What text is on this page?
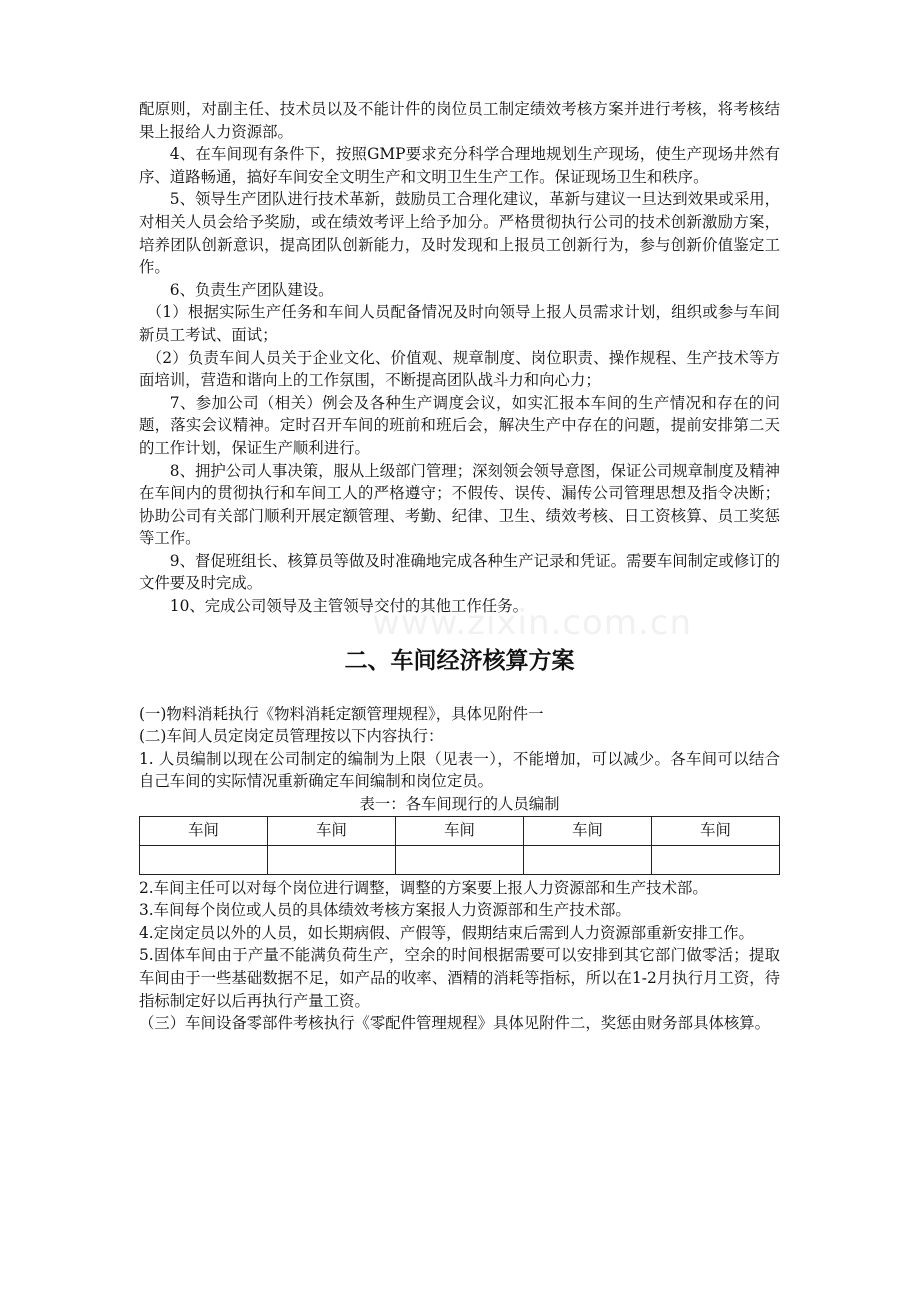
www.zixin.com.cn

配原则，对副主任、技术员以及不能计件的岗位员工制定绩效考核方案并进行考核，将考核结果上报给人力资源部。

4、在车间现有条件下，按照GMP要求充分科学合理地规划生产现场，使生产现场井然有序、道路畅通，搞好车间安全文明生产和文明卫生生产工作。保证现场卫生和秩序。

5、领导生产团队进行技术革新，鼓励员工合理化建议，革新与建议一旦达到效果或采用，对相关人员会给予奖励，或在绩效考评上给予加分。严格贯彻执行公司的技术创新激励方案，培养团队创新意识，提高团队创新能力，及时发现和上报员工创新行为，参与创新价值鉴定工作。

6、负责生产团队建设。

（1）根据实际生产任务和车间人员配备情况及时向领导上报人员需求计划，组织或参与车间新员工考试、面试；

（2）负责车间人员关于企业文化、价值观、规章制度、岗位职责、操作规程、生产技术等方面培训，营造和谐向上的工作氛围，不断提高团队战斗力和向心力；

7、参加公司（相关）例会及各种生产调度会议，如实汇报本车间的生产情况和存在的问题，落实会议精神。定时召开车间的班前和班后会，解决生产中存在的问题，提前安排第二天的工作计划，保证生产顺利进行。

8、拥护公司人事决策，服从上级部门管理；深刻领会领导意图，保证公司规章制度及精神在车间内的贯彻执行和车间工人的严格遵守；不假传、误传、漏传公司管理思想及指令决断；协助公司有关部门顺利开展定额管理、考勤、纪律、卫生、绩效考核、日工资核算、员工奖惩等工作。

9、督促班组长、核算员等做及时准确地完成各种生产记录和凭证。需要车间制定或修订的文件要及时完成。

10、完成公司领导及主管领导交付的其他工作任务。

二、车间经济核算方案

(一)物料消耗执行《物料消耗定额管理规程》，具体见附件一

(二)车间人员定岗定员管理按以下内容执行：

1. 人员编制以现在公司制定的编制为上限（见表一），不能增加，可以减少。各车间可以结合自己车间的实际情况重新确定车间编制和岗位定员。

表一：各车间现行的人员编制

车间	车间	车间	车间	车间

2.车间主任可以对每个岗位进行调整，调整的方案要上报人力资源部和生产技术部。

3.车间每个岗位或人员的具体绩效考核方案报人力资源部和生产技术部。

4.定岗定员以外的人员，如长期病假、产假等，假期结束后需到人力资源部重新安排工作。

5.固体车间由于产量不能满负荷生产，空余的时间根据需要可以安排到其它部门做零活；提取车间由于一些基础数据不足，如产品的收率、酒精的消耗等指标，所以在1-2月执行月工资，待指标制定好以后再执行产量工资。

（三）车间设备零部件考核执行《零配件管理规程》具体见附件二，奖惩由财务部具体核算。
